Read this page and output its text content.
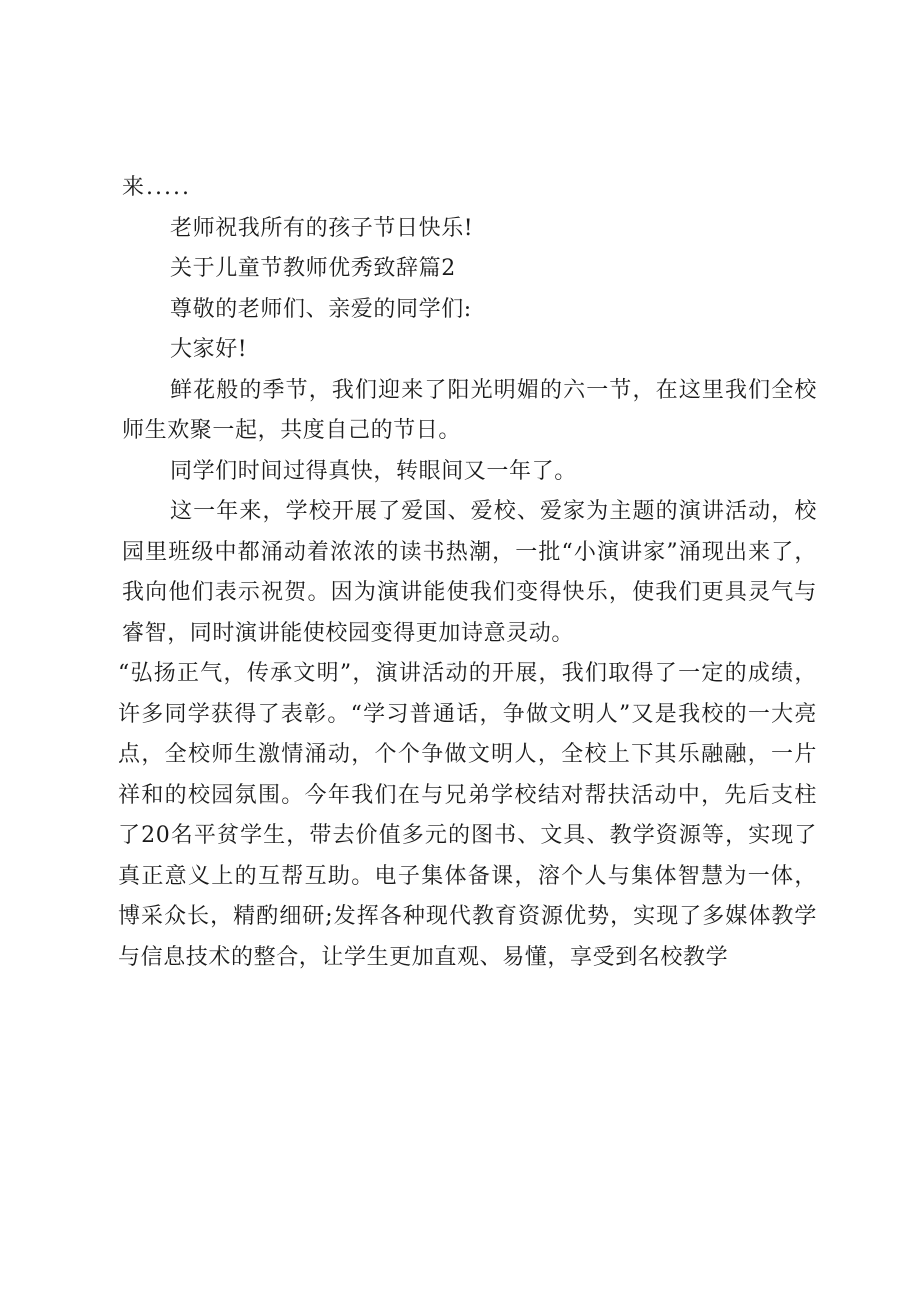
来.....

老师祝我所有的孩子节日快乐!

关于儿童节教师优秀致辞篇2

尊敬的老师们、亲爱的同学们:

大家好!

鲜花般的季节，我们迎来了阳光明媚的六一节，在这里我们全校师生欢聚一起，共度自己的节日。

同学们时间过得真快，转眼间又一年了。

这一年来，学校开展了爱国、爱校、爱家为主题的演讲活动，校园里班级中都涌动着浓浓的读书热潮，一批“小演讲家”涌现出来了，我向他们表示祝贺。因为演讲能使我们变得快乐，使我们更具灵气与睿智，同时演讲能使校园变得更加诗意灵动。

“弘扬正气，传承文明”，演讲活动的开展，我们取得了一定的成绩，许多同学获得了表彰。“学习普通话，争做文明人”又是我校的一大亮点，全校师生激情涌动，个个争做文明人，全校上下其乐融融，一片祥和的校园氛围。今年我们在与兄弟学校结对帮扶活动中，先后支柱了20名平贫学生，带去价值多元的图书、文具、教学资源等，实现了真正意义上的互帮互助。电子集体备课，溶个人与集体智慧为一体，博采众长，精酌细研;发挥各种现代教育资源优势，实现了多媒体教学与信息技术的整合，让学生更加直观、易懂，享受到名校教学
